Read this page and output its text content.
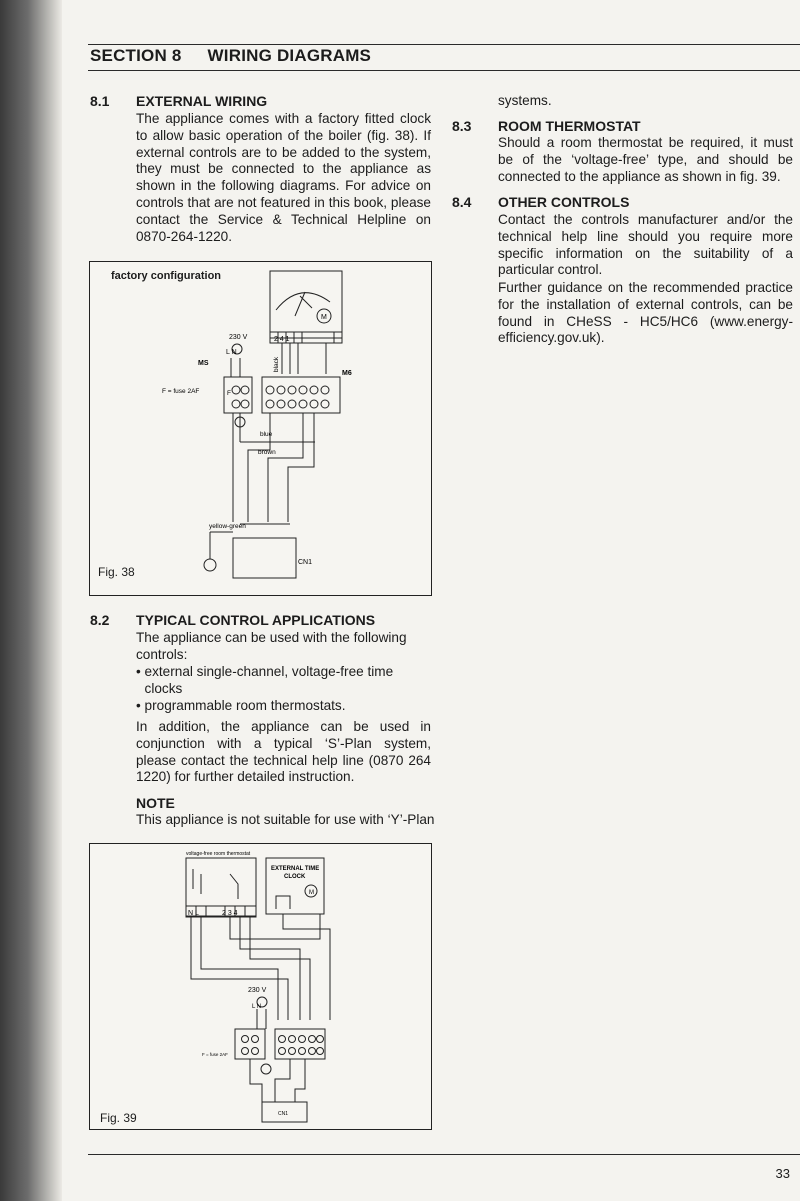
SECTION 8 WIRING DIAGRAMS
8.1 EXTERNAL WIRING
The appliance comes with a factory fitted clock to allow basic operation of the boiler (fig. 38). If external controls are to be added to the system, they must be connected to the appliance as shown in the following diagrams. For advice on controls that are not featured in this book, please contact the Service & Technical Helpline on 0870-264-1220.
factory configuration
Fig. 38
230 V
L N
MS
M6
F = fuse 2AF
2 4 1
M
F
black
blue
brown
yellow-green
CN1
8.2 TYPICAL CONTROL APPLICATIONS
The appliance can be used with the following controls:
• external single-channel, voltage-free time clocks
• programmable room thermostats.
In addition, the appliance can be used in conjunction with a typical ‘S’-Plan system, please contact the technical help line (0870 264 1220) for further detailed instruction.
NOTE
This appliance is not suitable for use with ‘Y’-Plan
Fig. 39
voltage-free room thermostat
EXTERNAL TIME
CLOCK
M
N L	2 3 4
230 V
L N
F = fuse 2AF
CN1
systems.
8.3 ROOM THERMOSTAT
Should a room thermostat be required, it must be of the ‘voltage-free’ type, and should be connected to the appliance as shown in fig. 39.
8.4 OTHER CONTROLS
Contact the controls manufacturer and/or the technical help line should you require more specific information on the suitability of a particular control.
Further guidance on the recommended practice for the installation of external controls, can be found in CHeSS - HC5/HC6 (www.energy-efficiency.gov.uk).
33
